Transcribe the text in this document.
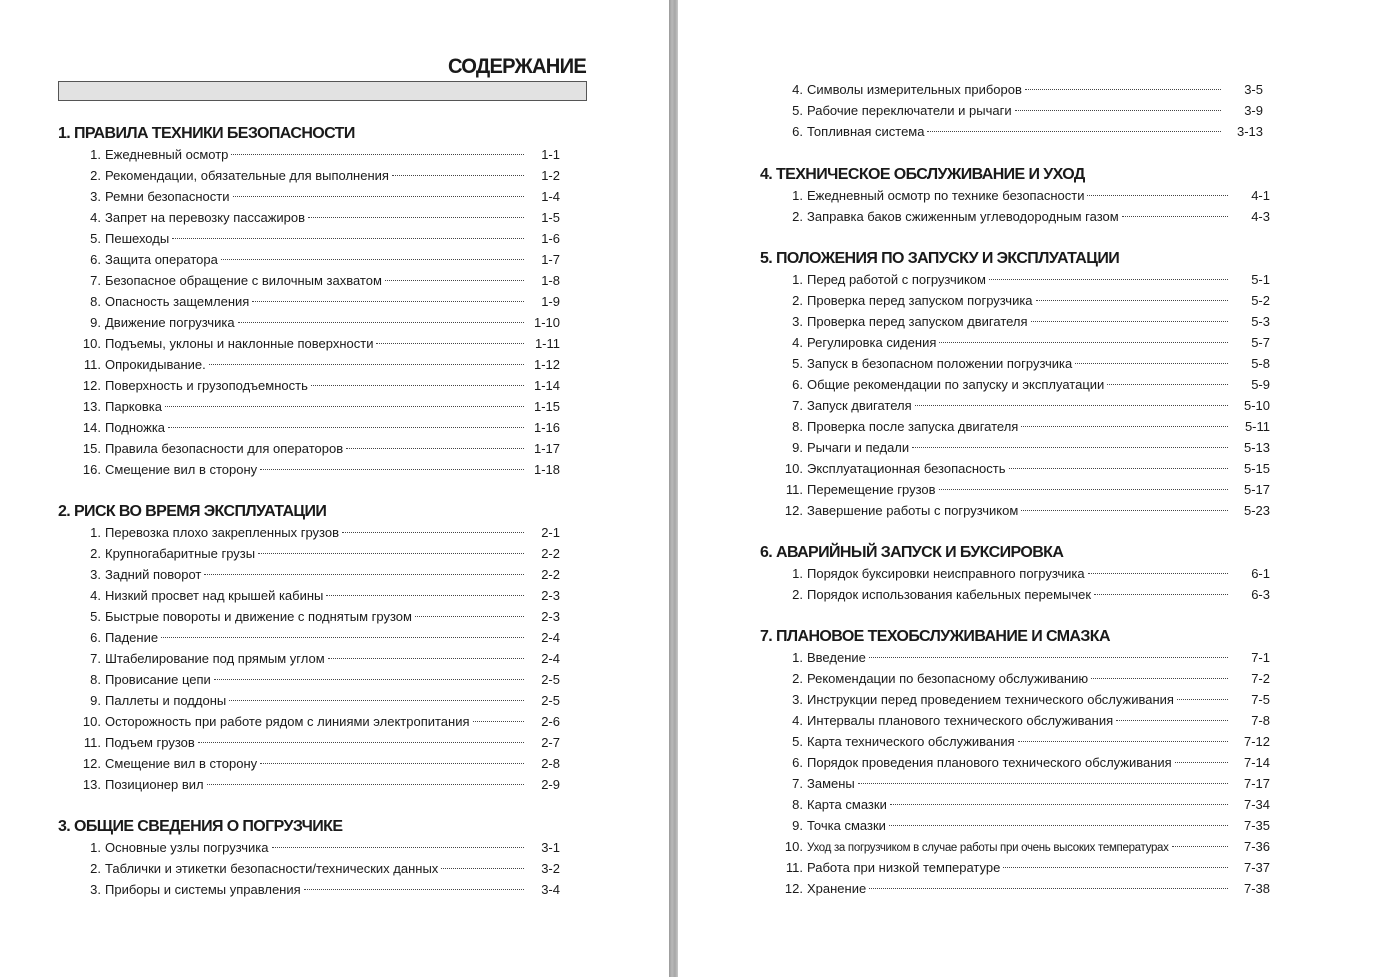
СОДЕРЖАНИЕ
1. ПРАВИЛА ТЕХНИКИ БЕЗОПАСНОСТИ
1. Ежедневный осмотр	1-1
2. Рекомендации, обязательные для выполнения	1-2
3. Ремни безопасности	1-4
4. Запрет на перевозку пассажиров	1-5
5. Пешеходы	1-6
6. Защита оператора	1-7
7. Безопасное обращение с вилочным захватом	1-8
8. Опасность защемления	1-9
9. Движение погрузчика	1-10
10. Подъемы, уклоны и наклонные поверхности	1-11
11. Опрокидывание.	1-12
12. Поверхность и грузоподъемность	1-14
13. Парковка	1-15
14. Подножка	1-16
15. Правила безопасности для операторов	1-17
16. Смещение вил в сторону	1-18
2. РИСК ВО ВРЕМЯ ЭКСПЛУАТАЦИИ
1. Перевозка плохо закрепленных грузов	2-1
2. Крупногабаритные грузы	2-2
3. Задний поворот	2-2
4. Низкий просвет над крышей кабины	2-3
5. Быстрые повороты и движение с поднятым грузом	2-3
6. Падение	2-4
7. Штабелирование под прямым углом	2-4
8. Провисание цепи	2-5
9. Паллеты и поддоны	2-5
10. Осторожность при работе рядом с линиями электропитания	2-6
11. Подъем грузов	2-7
12. Смещение вил в сторону	2-8
13. Позиционер вил	2-9
3. ОБЩИЕ СВЕДЕНИЯ О ПОГРУЗЧИКЕ
1. Основные узлы погрузчика	3-1
2. Таблички и этикетки безопасности/технических данных	3-2
3. Приборы и системы управления	3-4
4. Символы измерительных приборов	3-5
5. Рабочие переключатели и рычаги	3-9
6. Топливная система	3-13
4. ТЕХНИЧЕСКОЕ ОБСЛУЖИВАНИЕ И УХОД
1. Ежедневный осмотр по технике безопасности	4-1
2. Заправка баков сжиженным углеводородным газом	4-3
5. ПОЛОЖЕНИЯ ПО ЗАПУСКУ И ЭКСПЛУАТАЦИИ
1. Перед работой с погрузчиком	5-1
2. Проверка перед запуском погрузчика	5-2
3. Проверка перед запуском двигателя	5-3
4. Регулировка сидения	5-7
5. Запуск в безопасном положении погрузчика	5-8
6. Общие рекомендации по запуску и эксплуатации	5-9
7. Запуск двигателя	5-10
8. Проверка после запуска двигателя	5-11
9. Рычаги и педали	5-13
10. Эксплуатационная безопасность	5-15
11. Перемещение грузов	5-17
12. Завершение работы с погрузчиком	5-23
6. АВАРИЙНЫЙ ЗАПУСК И БУКСИРОВКА
1. Порядок буксировки неисправного погрузчика	6-1
2. Порядок использования кабельных перемычек	6-3
7. ПЛАНОВОЕ ТЕХОБСЛУЖИВАНИЕ И СМАЗКА
1. Введение	7-1
2. Рекомендации по безопасному обслуживанию	7-2
3. Инструкции перед проведением технического обслуживания	7-5
4. Интервалы планового технического обслуживания	7-8
5. Карта технического обслуживания	7-12
6. Порядок проведения планового технического обслуживания	7-14
7. Замены	7-17
8. Карта смазки	7-34
9. Точка смазки	7-35
10. Уход за погрузчиком в случае работы при очень высоких температурах	7-36
11. Работа при низкой температуре	7-37
12. Хранение	7-38
